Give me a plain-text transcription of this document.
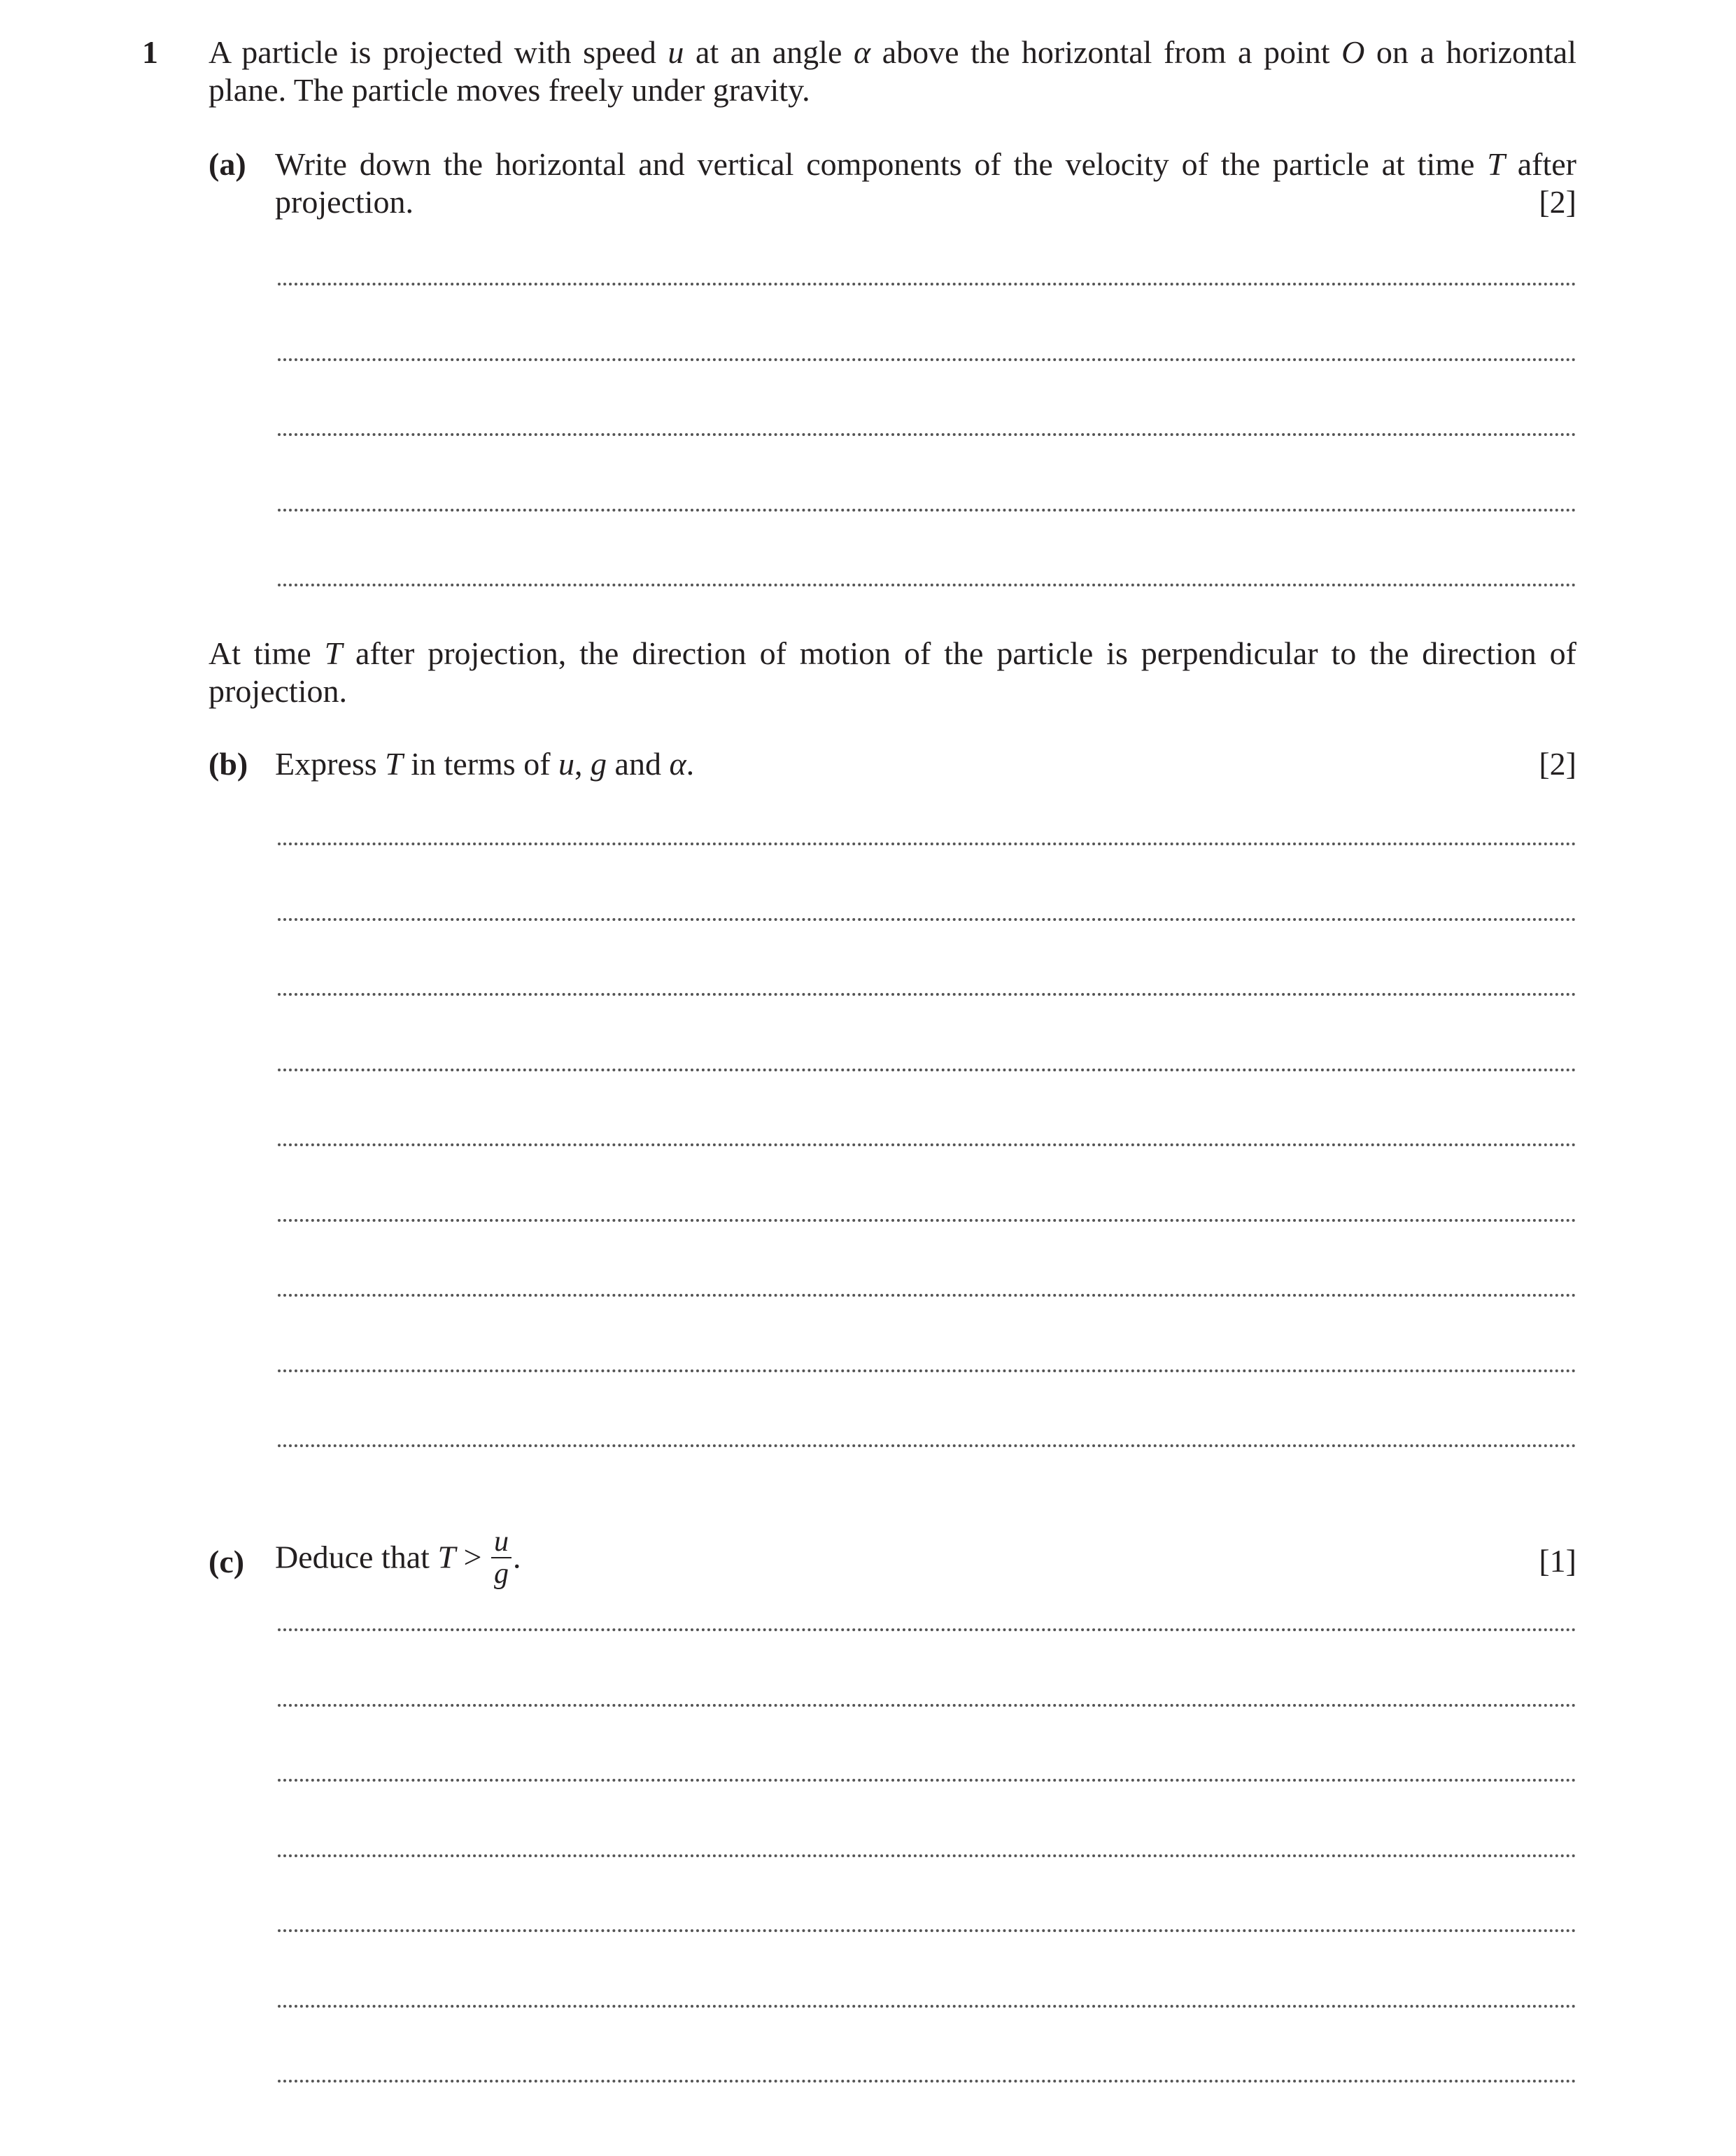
1 A particle is projected with speed u at an angle α above the horizontal from a point O on a horizontal plane. The particle moves freely under gravity.
(a) Write down the horizontal and vertical components of the velocity of the particle at time T after projection.	[2]
At time T after projection, the direction of motion of the particle is perpendicular to the direction of projection.
(b) Express T in terms of u, g and α.	[2]
(c) Deduce that $T > \frac{u}{g}$ .	[1]
